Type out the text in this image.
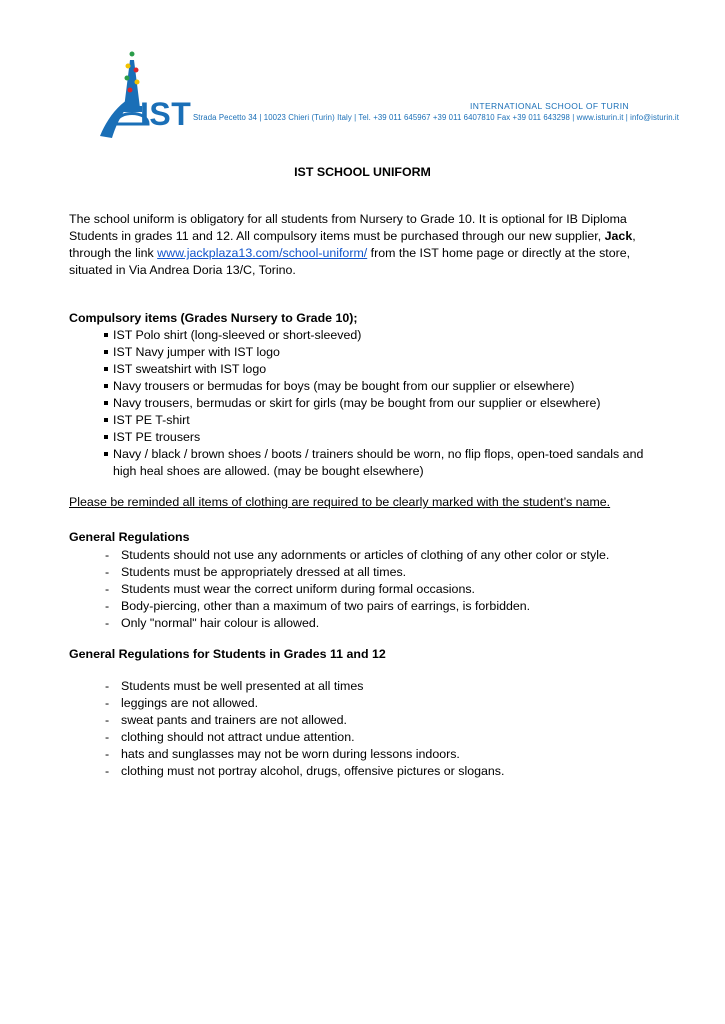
IST	INTERNATIONAL SCHOOL OF TURIN
Strada Pecetto 34 | 10023 Chieri (Turin) Italy | Tel. +39 011 645967 +39 011 6407810 Fax +39 011 643298 | www.isturin.it | info@isturin.it
IST SCHOOL UNIFORM
The school uniform is obligatory for all students from Nursery to Grade 10. It is optional for IB Diploma Students in grades 11 and 12. All compulsory items must be purchased through our new supplier, Jack, through the link www.jackplaza13.com/school-uniform/ from the IST home page or directly at the store, situated in Via Andrea Doria 13/C, Torino.
Compulsory items (Grades Nursery to Grade 10);
IST Polo shirt (long-sleeved or short-sleeved)
IST Navy jumper with IST logo
IST sweatshirt with IST logo
Navy trousers or bermudas for boys (may be bought from our supplier or elsewhere)
Navy trousers, bermudas or skirt for girls (may be bought from our supplier or elsewhere)
IST PE T-shirt
IST PE trousers
Navy / black / brown shoes / boots / trainers should be worn, no flip flops, open-toed sandals and high heal shoes are allowed. (may be bought elsewhere)
Please be reminded all items of clothing are required to be clearly marked with the student’s name.
General Regulations
- Students should not use any adornments or articles of clothing of any other color or style.
- Students must be appropriately dressed at all times.
- Students must wear the correct uniform during formal occasions.
- Body-piercing, other than a maximum of two pairs of earrings, is forbidden.
- Only "normal" hair colour is allowed.
General Regulations for Students in Grades 11 and 12
- Students must be well presented at all times
- leggings are not allowed.
- sweat pants and trainers are not allowed.
- clothing should not attract undue attention.
- hats and sunglasses may not be worn during lessons indoors.
- clothing must not portray alcohol, drugs, offensive pictures or slogans.
